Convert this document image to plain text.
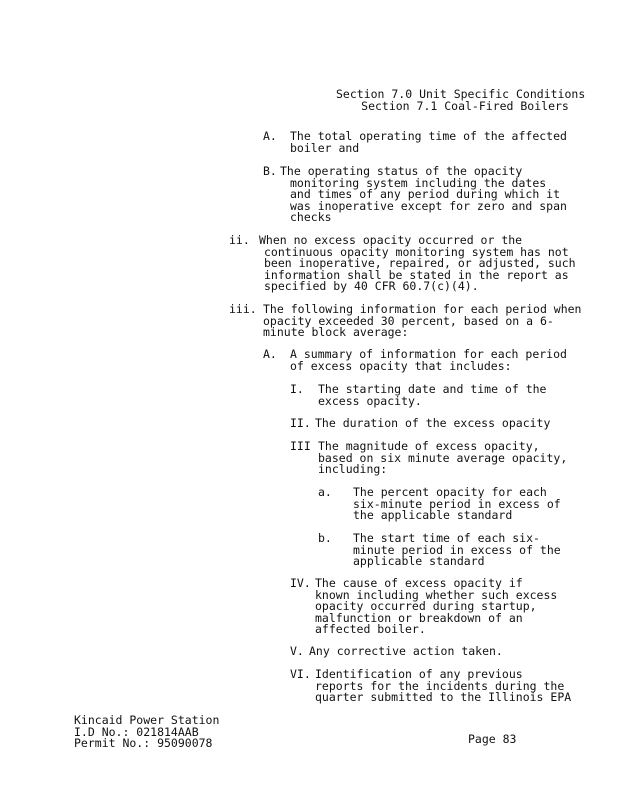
Section 7.0 Unit Specific Conditions
Section 7.1 Coal-Fired Boilers
A. The total operating time of the affected
boiler and
B. The operating status of the opacity
monitoring system including the dates
and times of any period during which it
was inoperative except for zero and span
checks
ii. When no excess opacity occurred or the
continuous opacity monitoring system has not
been inoperative, repaired, or adjusted, such
information shall be stated in the report as
specified by 40 CFR 60.7(c)(4).
iii. The following information for each period when
opacity exceeded 30 percent, based on a 6-
minute block average:
A. A summary of information for each period
of excess opacity that includes:
I. The starting date and time of the
excess opacity.
II. The duration of the excess opacity
III The magnitude of excess opacity,
based on six minute average opacity,
including:
a. The percent opacity for each
six-minute period in excess of
the applicable standard
b. The start time of each six-
minute period in excess of the
applicable standard
IV. The cause of excess opacity if
known including whether such excess
opacity occurred during startup,
malfunction or breakdown of an
affected boiler.
V. Any corrective action taken.
VI. Identification of any previous
reports for the incidents during the
quarter submitted to the Illinois EPA
Kincaid Power Station
I.D No.: 021814AAB
Permit No.: 95090078	Page 83
